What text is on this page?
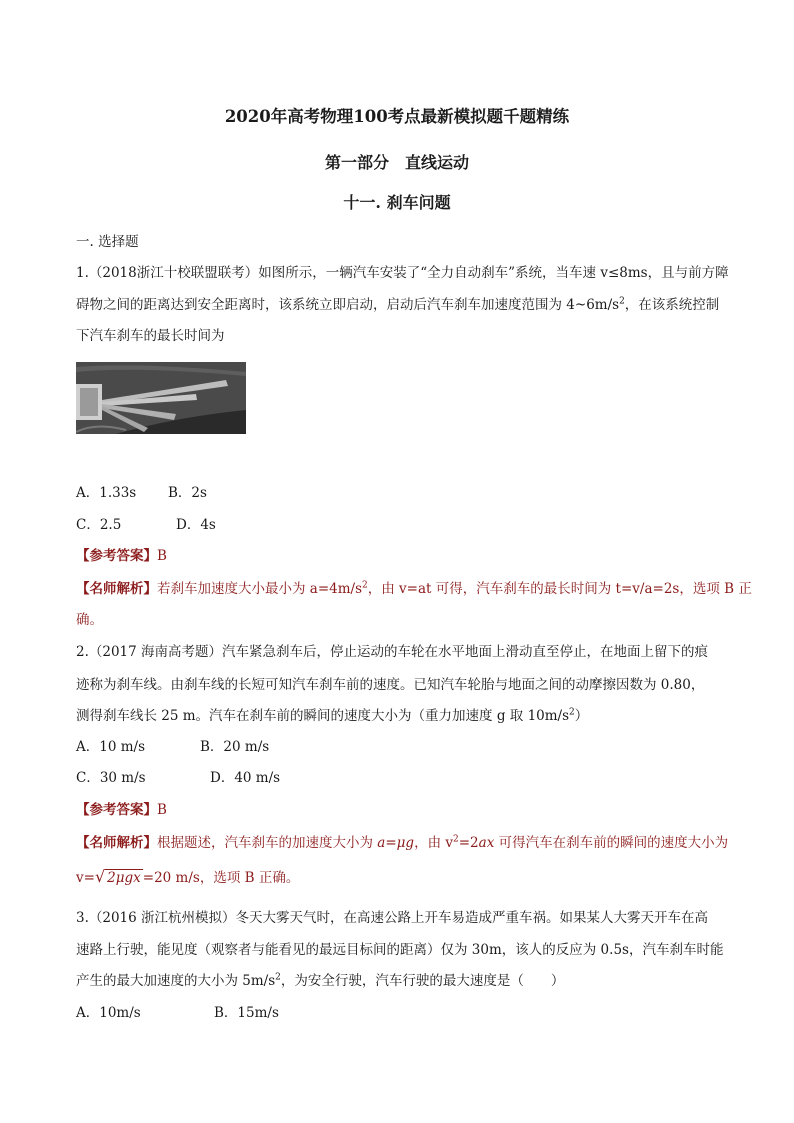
2020年高考物理100考点最新模拟题千题精练
第一部分　直线运动
十一. 刹车问题
一. 选择题
1.（2018浙江十校联盟联考）如图所示，一辆汽车安装了“全力自动刹车”系统，当车速 v≤8ms，且与前方障
碍物之间的距离达到安全距离时，该系统立即启动，启动后汽车刹车加速度范围为 $4\sim 6m/s^2$，在该系统控制
下汽车刹车的最长时间为
A．1.33s B．2s
C．2.5	D．4s
【参考答案】B
【名师解析】若刹车加速度大小最小为 $a=4m/s^2$，由 v=at 可得，汽车刹车的最长时间为 t=v/a=2s，选项 B 正
确。
2.（2017 海南高考题）汽车紧急刹车后，停止运动的车轮在水平地面上滑动直至停止，在地面上留下的痕
迹称为刹车线。由刹车线的长短可知汽车刹车前的速度。已知汽车轮胎与地面之间的动摩擦因数为 0.80，
测得刹车线长 25 m。汽车在刹车前的瞬间的速度大小为（重力加速度 g 取 $10m/s^2$）
A．10 m/s	B．20 m/s
C．30 m/s	D．40 m/s
【参考答案】B
【名师解析】根据题述，汽车刹车的加速度大小为 a=μg，由 $v^2=2ax$ 可得汽车在刹车前的瞬间的速度大小为
v=√ 2μgx =20 m/s，选项 B 正确。
3.（2016 浙江杭州模拟）冬天大雾天气时，在高速公路上开车易造成严重车祸。如果某人大雾天开车在高
速路上行驶，能见度（观察者与能看见的最远目标间的距离）仅为 30m，该人的反应为 0.5s，汽车刹车时能
产生的最大加速度的大小为 $5m/s^2$，为安全行驶，汽车行驶的最大速度是（　　）
A．10m/s	B．15m/s
